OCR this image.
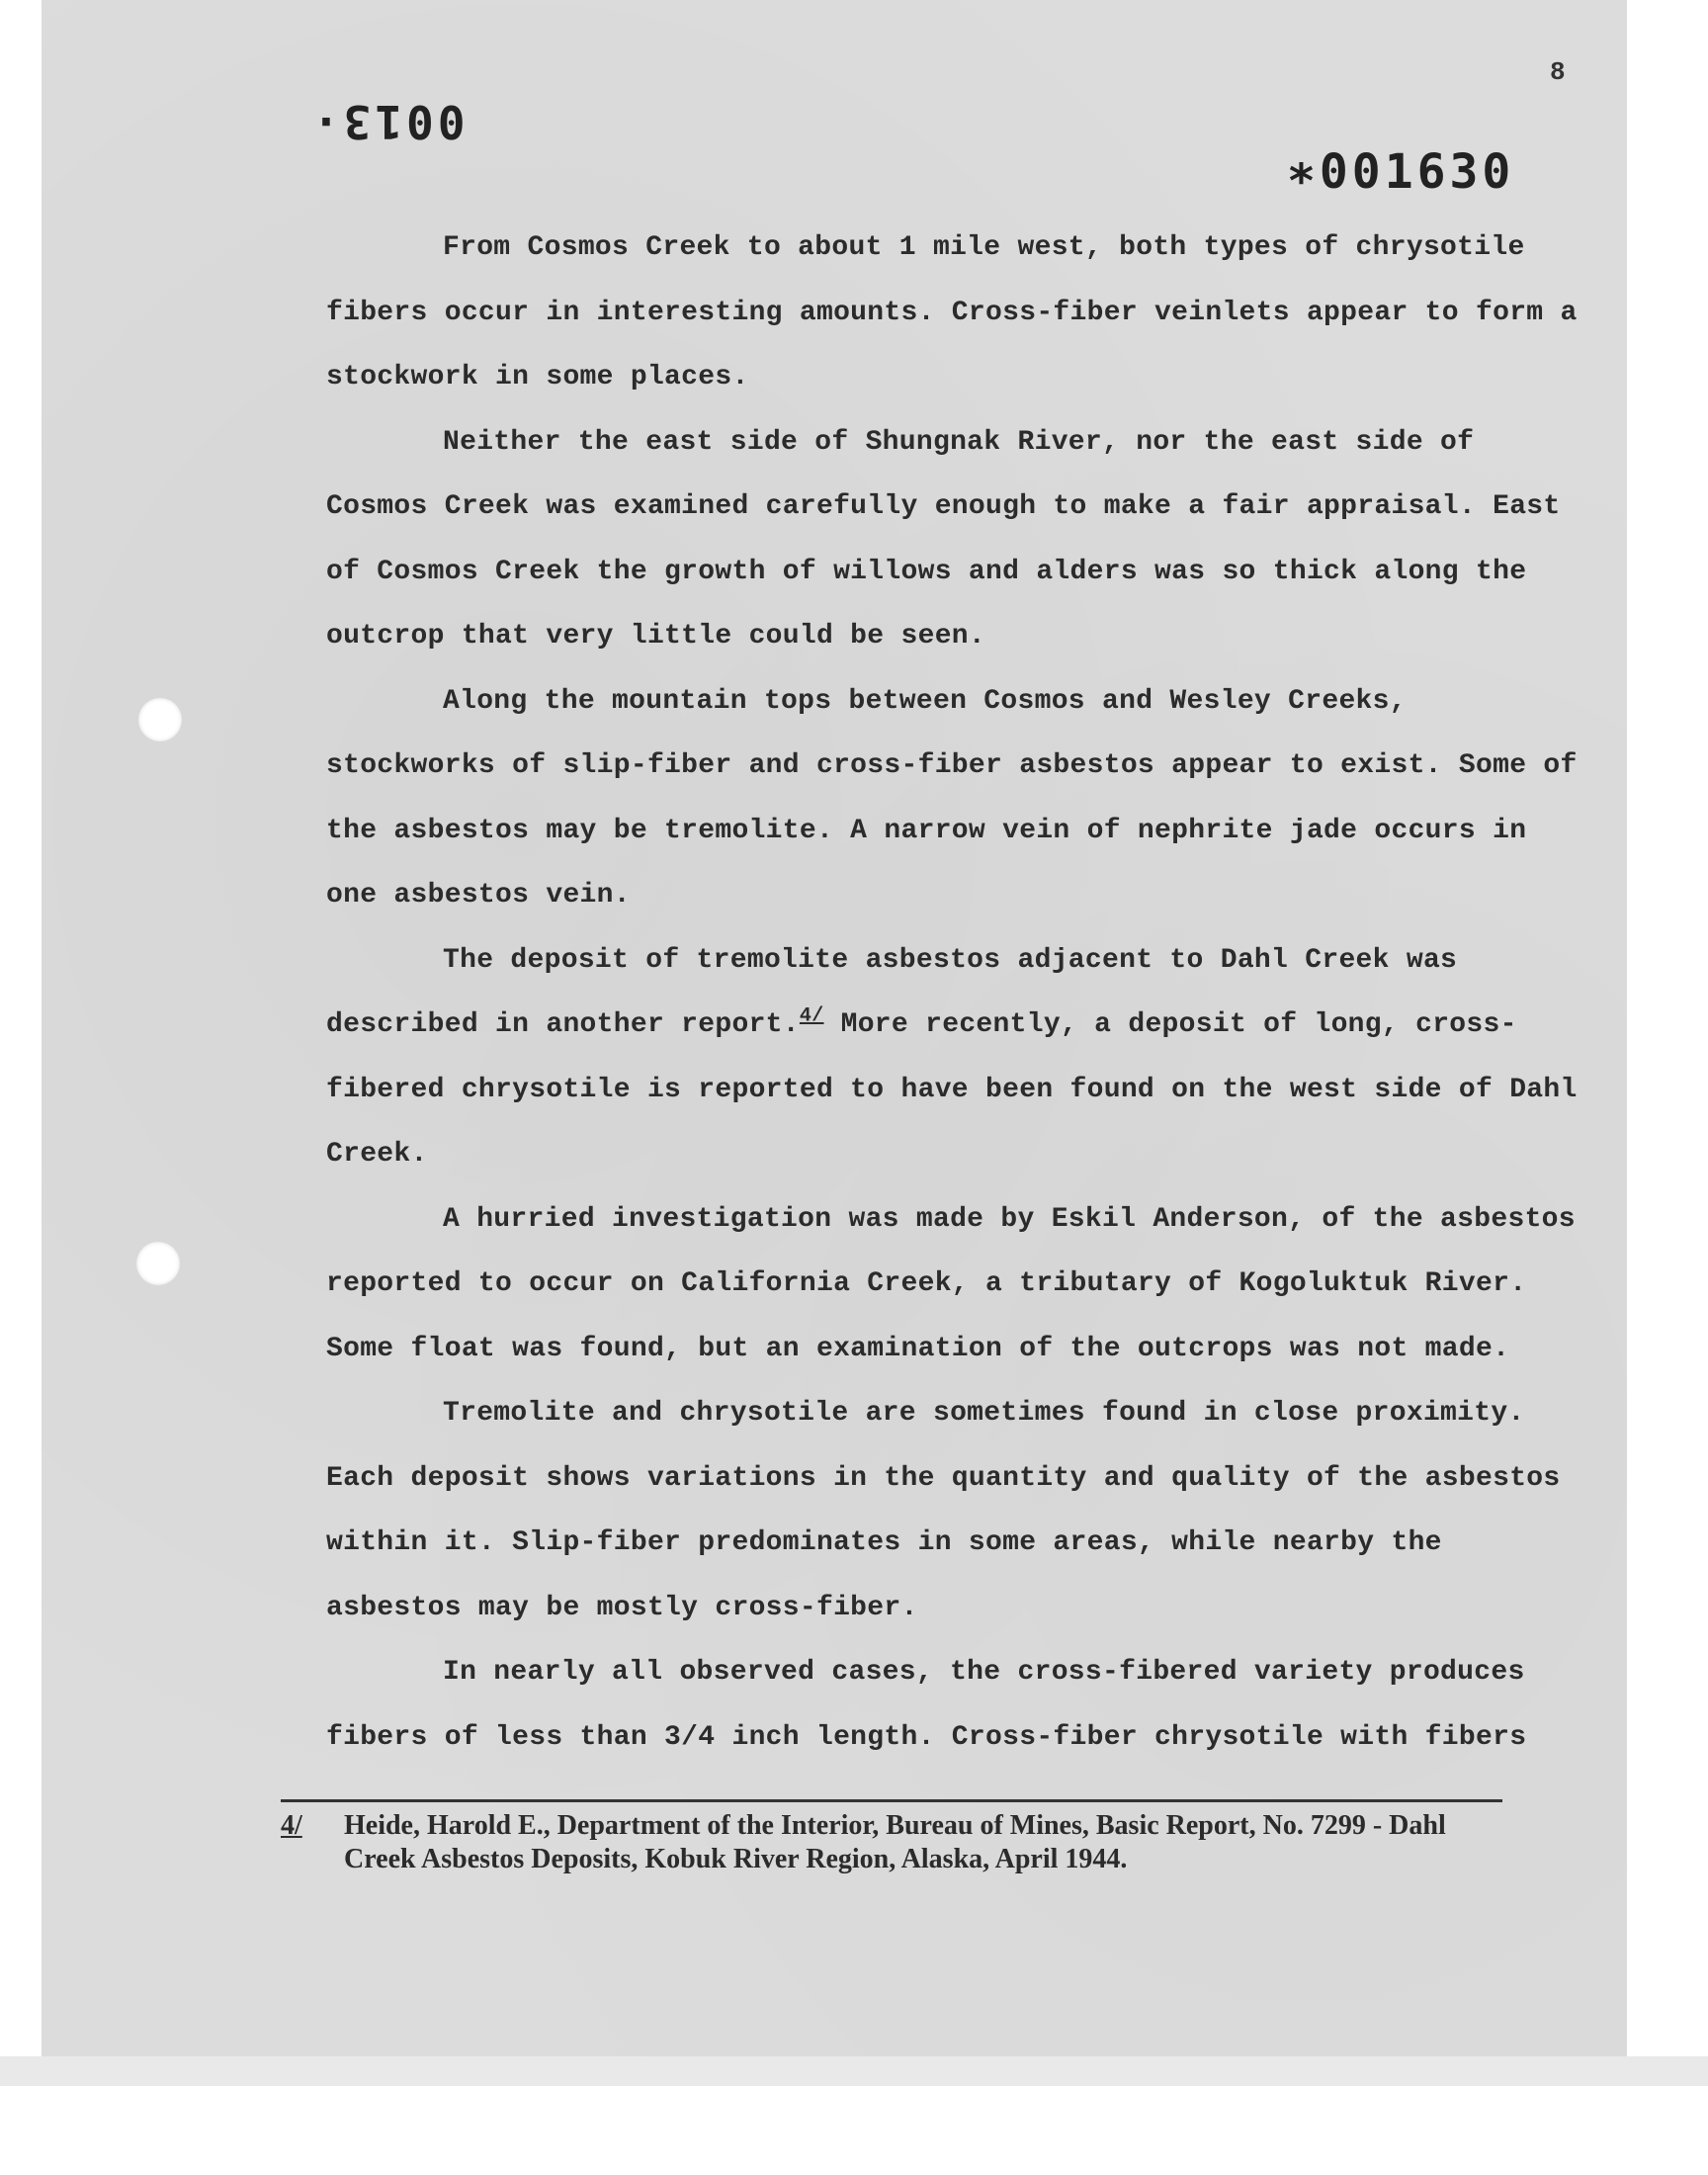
 0013·
8
∗001630

From Cosmos Creek to about 1 mile west, both types of chrysotile fibers occur in interesting amounts. Cross-fiber veinlets appear to form a stockwork in some places.

Neither the east side of Shungnak River, nor the east side of Cosmos Creek was examined carefully enough to make a fair appraisal. East of Cosmos Creek the growth of willows and alders was so thick along the outcrop that very little could be seen.

Along the mountain tops between Cosmos and Wesley Creeks, stockworks of slip-fiber and cross-fiber asbestos appear to exist. Some of the asbestos may be tremolite. A narrow vein of nephrite jade occurs in one asbestos vein.

The deposit of tremolite asbestos adjacent to Dahl Creek was described in another report.$^{4/}$ More recently, a deposit of long, cross-fibered chrysotile is reported to have been found on the west side of Dahl Creek.

A hurried investigation was made by Eskil Anderson, of the asbestos reported to occur on California Creek, a tributary of Kogoluktuk River. Some float was found, but an examination of the outcrops was not made.

Tremolite and chrysotile are sometimes found in close proximity. Each deposit shows variations in the quantity and quality of the asbestos within it. Slip-fiber predominates in some areas, while nearby the asbestos may be mostly cross-fiber.

In nearly all observed cases, the cross-fibered variety produces fibers of less than 3/4 inch length. Cross-fiber chrysotile with fibers

4/	Heide, Harold E., Department of the Interior, Bureau of Mines, Basic Report, No. 7299 - Dahl Creek Asbestos Deposits, Kobuk River Region, Alaska, April 1944.
